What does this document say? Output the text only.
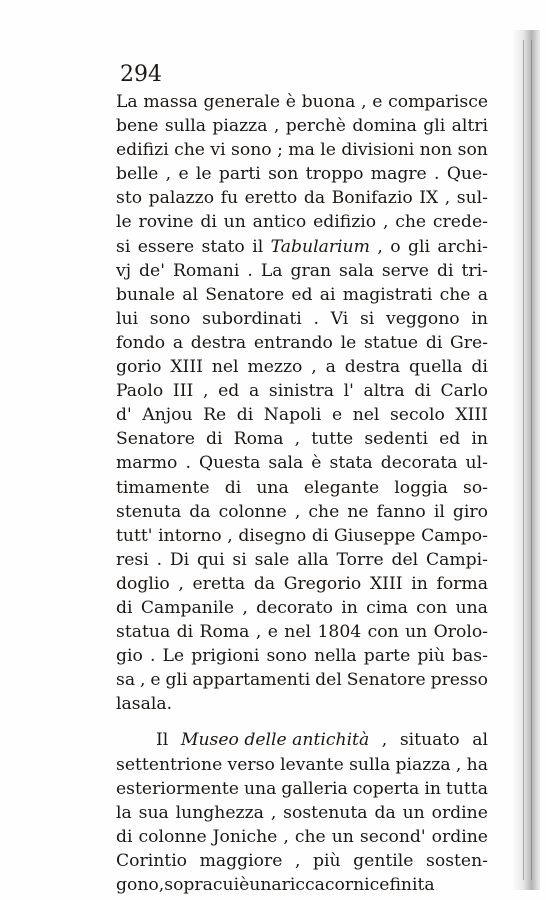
294
La massa generale è buona , e comparisce
bene sulla piazza , perchè domina gli altri
edifizi che vi sono ; ma le divisioni non son
belle , e le parti son troppo magre . Que-
sto palazzo fu eretto da Bonifazio IX , sul-
le rovine di un antico edifizio , che crede-
si essere stato il Tabularium , o gli archi-
vj de' Romani . La gran sala serve di tri-
bunale al Senatore ed ai magistrati che a
lui sono subordinati . Vi si veggono in
fondo a destra entrando le statue di Gre-
gorio XIII nel mezzo , a destra quella di
Paolo III , ed a sinistra l' altra di Carlo
d' Anjou Re di Napoli e nel secolo XIII
Senatore di Roma , tutte sedenti ed in
marmo . Questa sala è stata decorata ul-
timamente di una elegante loggia so-
stenuta da colonne , che ne fanno il giro
tutt' intorno , disegno di Giuseppe Campo-
resi . Di qui si sale alla Torre del Campi-
doglio , eretta da Gregorio XIII in forma
di Campanile , decorato in cima con una
statua di Roma , e nel 1804 con un Orolo-
gio . Le prigioni sono nella parte più bas-
sa , e gli appartamenti del Senatore presso
la sala .
Il Museo delle antichità , situato al
settentrione verso levante sulla piazza , ha
esteriormente una galleria coperta in tutta
la sua lunghezza , sostenuta da un ordine
di colonne Joniche , che un second' ordine
Corintio maggiore , più gentile sosten-
gono , sopra cui è una ricca cornice finita
